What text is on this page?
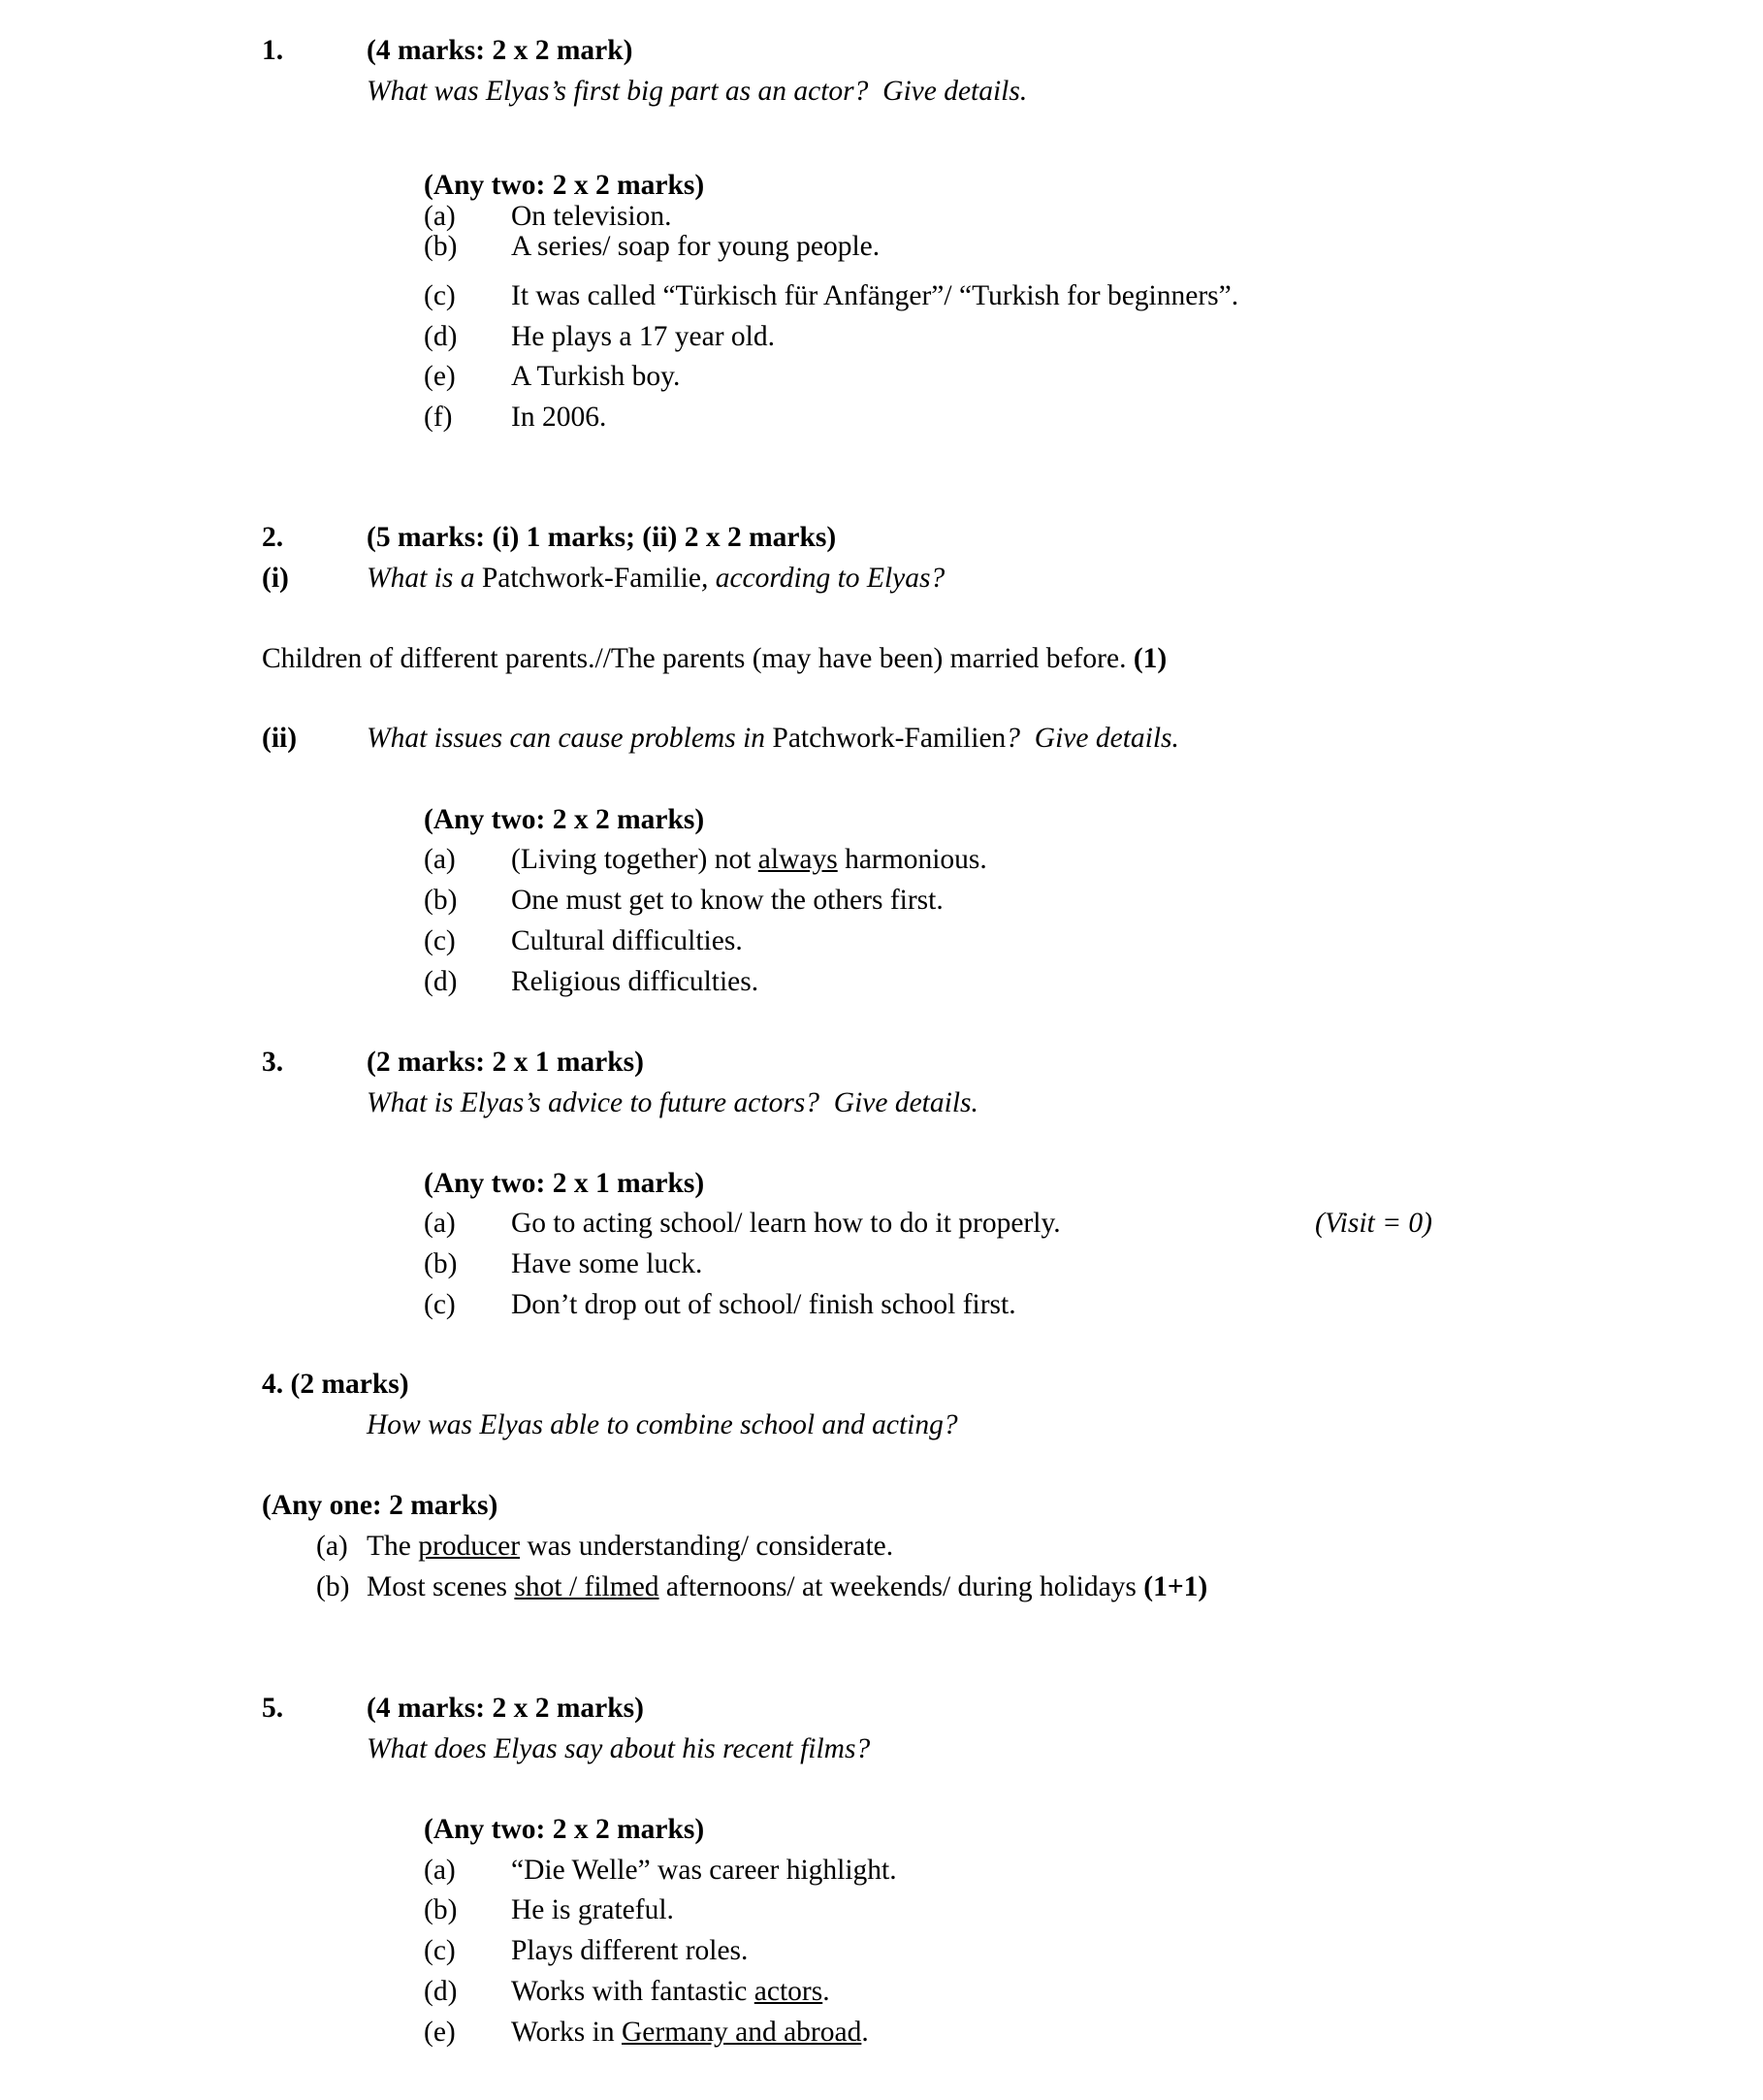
1.	(4 marks: 2 x 2 mark)
What was Elyas’s first big part as an actor?  Give details.
(Any two: 2 x 2 marks)
(a) On television.
(b) A series/ soap for young people.
(c) It was called “Türkisch für Anfänger”/ “Turkish for beginners”.
(d) He plays a 17 year old.
(e) A Turkish boy.
(f) In 2006.
2.	(5 marks: (i) 1 marks; (ii) 2 x 2 marks)
(i)	What is a Patchwork-Familie, according to Elyas?
Children of different parents.//The parents (may have been) married before. (1)
(ii) What issues can cause problems in Patchwork-Familien?  Give details.
(Any two: 2 x 2 marks)
(a) (Living together) not always harmonious.
(b) One must get to know the others first.
(c) Cultural difficulties.
(d) Religious difficulties.
3.	(2 marks: 2 x 1 marks)
What is Elyas’s advice to future actors?  Give details.
(Any two: 2 x 1 marks)
(a) Go to acting school/ learn how to do it properly.	(Visit = 0)
(b) Have some luck.
(c) Don’t drop out of school/ finish school first.
4. (2 marks)
How was Elyas able to combine school and acting?
(Any one: 2 marks)
(a) The producer was understanding/ considerate.
(b) Most scenes shot / filmed afternoons/ at weekends/ during holidays (1+1)
5.	(4 marks: 2 x 2 marks)
What does Elyas say about his recent films?
(Any two: 2 x 2 marks)
(a) “Die Welle” was career highlight.
(b) He is grateful.
(c) Plays different roles.
(d) Works with fantastic actors.
(e) Works in Germany and abroad.
